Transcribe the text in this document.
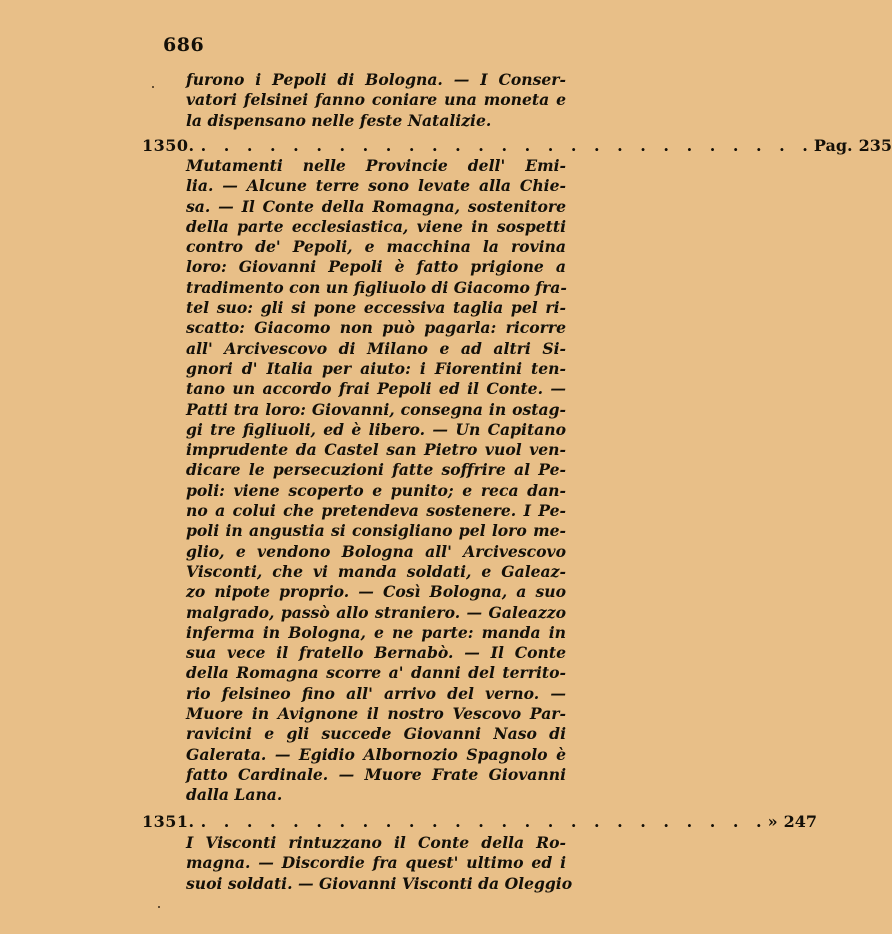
686
furono i Pepoli di Bologna. — I Conser-
vatori felsinei fanno coniare una moneta e
la dispensano nelle feste Natalizie.
1350. . . . . . . . . . . . . . . . . . . . . . . . . . . . Pag. 235
Mutamenti nelle Provincie dell' Emi-
lia. — Alcune terre sono levate alla Chie-
sa. — Il Conte della Romagna, sostenitore
della parte ecclesiastica, viene in sospetti
contro de' Pepoli, e macchina la rovina
loro: Giovanni Pepoli è fatto prigione a
tradimento con un figliuolo di Giacomo fra-
tel suo: gli si pone eccessiva taglia pel ri-
scatto: Giacomo non può pagarla: ricorre
all' Arcivescovo di Milano e ad altri Si-
gnori d' Italia per aiuto: i Fiorentini ten-
tano un accordo frai Pepoli ed il Conte. —
Patti tra loro: Giovanni, consegna in ostag-
gi tre figliuoli, ed è libero. — Un Capitano
imprudente da Castel san Pietro vuol ven-
dicare le persecuzioni fatte soffrire al Pe-
poli: viene scoperto e punito; e reca dan-
no a colui che pretendeva sostenere. I Pe-
poli in angustia si consigliano pel loro me-
glio, e vendono Bologna all' Arcivescovo
Visconti, che vi manda soldati, e Galeaz-
zo nipote proprio. — Così Bologna, a suo
malgrado, passò allo straniero. — Galeazzo
inferma in Bologna, e ne parte: manda in
sua vece il fratello Bernabò. — Il Conte
della Romagna scorre a' danni del territo-
rio felsineo fino all' arrivo del verno. —
Muore in Avignone il nostro Vescovo Par-
ravicini e gli succede Giovanni Naso di
Galerata. — Egidio Albornozio Spagnolo è
fatto Cardinale. — Muore Frate Giovanni
dalla Lana.
1351. . . . . . . . . . . . . . . . . . . . . . . . . . » 247
I Visconti rintuzzano il Conte della Ro-
magna. — Discordie fra quest' ultimo ed i
suoi soldati. — Giovanni Visconti da Oleggio
